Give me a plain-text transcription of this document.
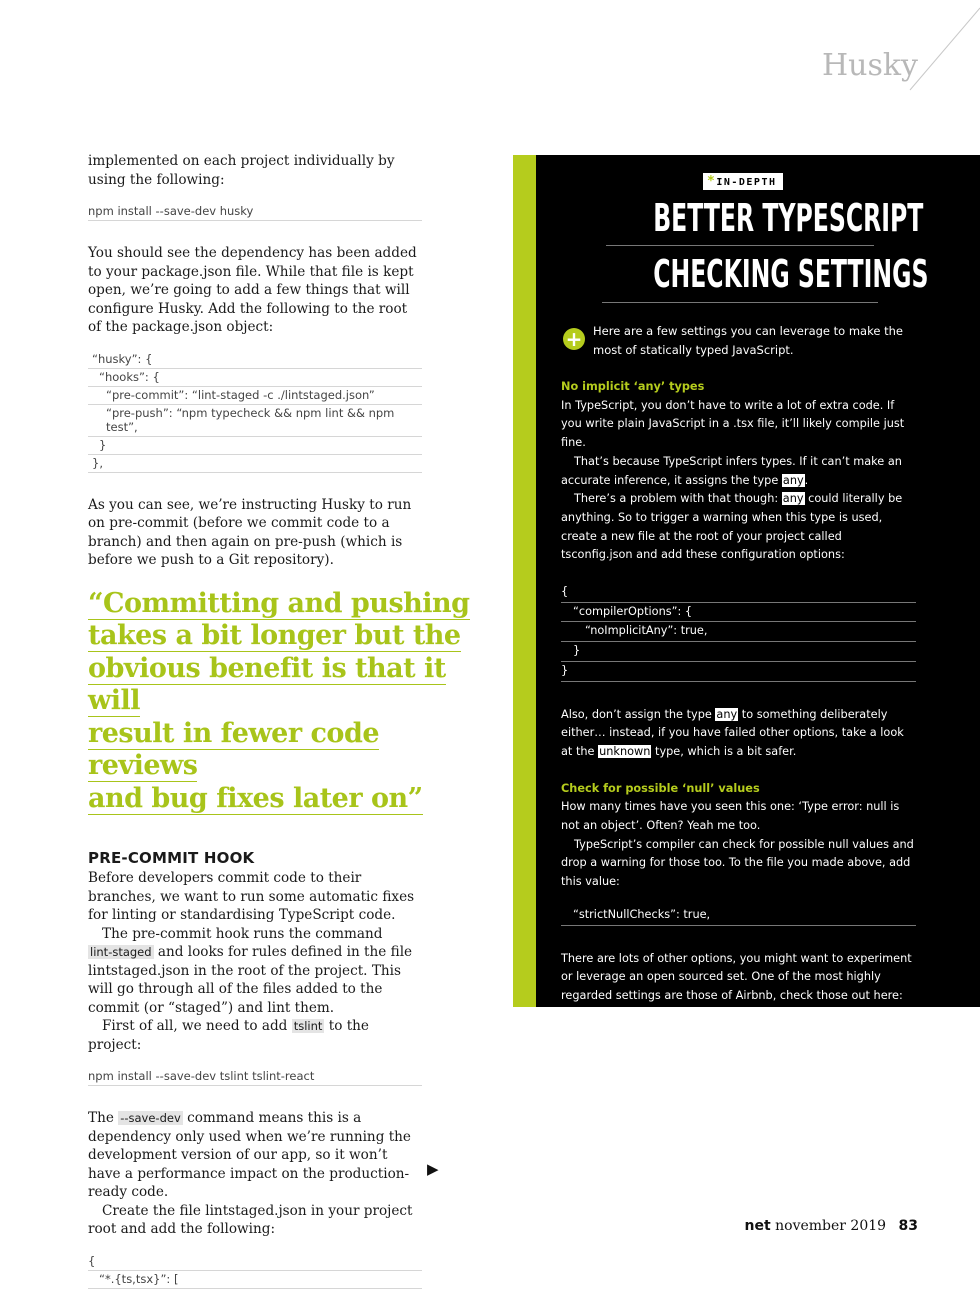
Husky

implemented on each project individually by using the following:

npm install --save-dev husky

You should see the dependency has been added to your package.json file. While that file is kept open, we’re going to add a few things that will configure Husky. Add the following to the root of the package.json object:

“husky”: {
“hooks”: {
“pre-commit”: “lint-staged -c ./lintstaged.json”
“pre-push”: “npm typecheck && npm lint && npm test”,
}
},

As you can see, we’re instructing Husky to run on pre-commit (before we commit code to a branch) and then again on pre-push (which is before we push to a Git repository).

“Committing and pushing
takes a bit longer but the
obvious benefit is that it will
result in fewer code reviews
and bug fixes later on”
PRE-COMMIT HOOK

Before developers commit code to their branches, we want to run some automatic fixes for linting or standardising TypeScript code.

The pre-commit hook runs the command
lint-staged and looks for rules defined in the file lintstaged.json in the root of the project. This will go through all of the files added to the commit (or “staged”) and lint them.

First of all, we need to add tslint to the project:

npm install --save-dev tslint tslint-react

The --save-dev command means this is a dependency only used when we’re running the development version of our app, so it won’t have a performance impact on the production-ready code.

Create the file lintstaged.json in your project root and add the following:

{
“*.{ts,tsx}”: [
▶
*IN-DEPTH
BETTER TYPESCRIPT
CHECKING SETTINGS
+ Here are a few settings you can leverage to make the most of statically typed JavaScript.

No implicit ‘any’ types

In TypeScript, you don’t have to write a lot of extra code. If you write plain JavaScript in a .tsx file, it’ll likely compile just fine.

That’s because TypeScript infers types. If it can’t make an accurate inference, it assigns the type any.

There’s a problem with that though: any could literally be anything. So to trigger a warning when this type is used, create a new file at the root of your project called tsconfig.json and add these configuration options:

{
“compilerOptions”: {
“noImplicitAny”: true,
}
}

Also, don’t assign the type any to something deliberately either… instead, if you have failed other options, take a look at the unknown type, which is a bit safer.

Check for possible ‘null’ values

How many times have you seen this one: ‘Type error: null is not an object’. Often? Yeah me too.

TypeScript’s compiler can check for possible null values and drop a warning for those too. To the file you made above, add this value:

“strictNullChecks”: true,

There are lots of other options, you might want to experiment or leverage an open sourced set. One of the most highly regarded settings are those of Airbnb, check those out here: https://github.com/airbnb/javascript.

net november 2019 83
